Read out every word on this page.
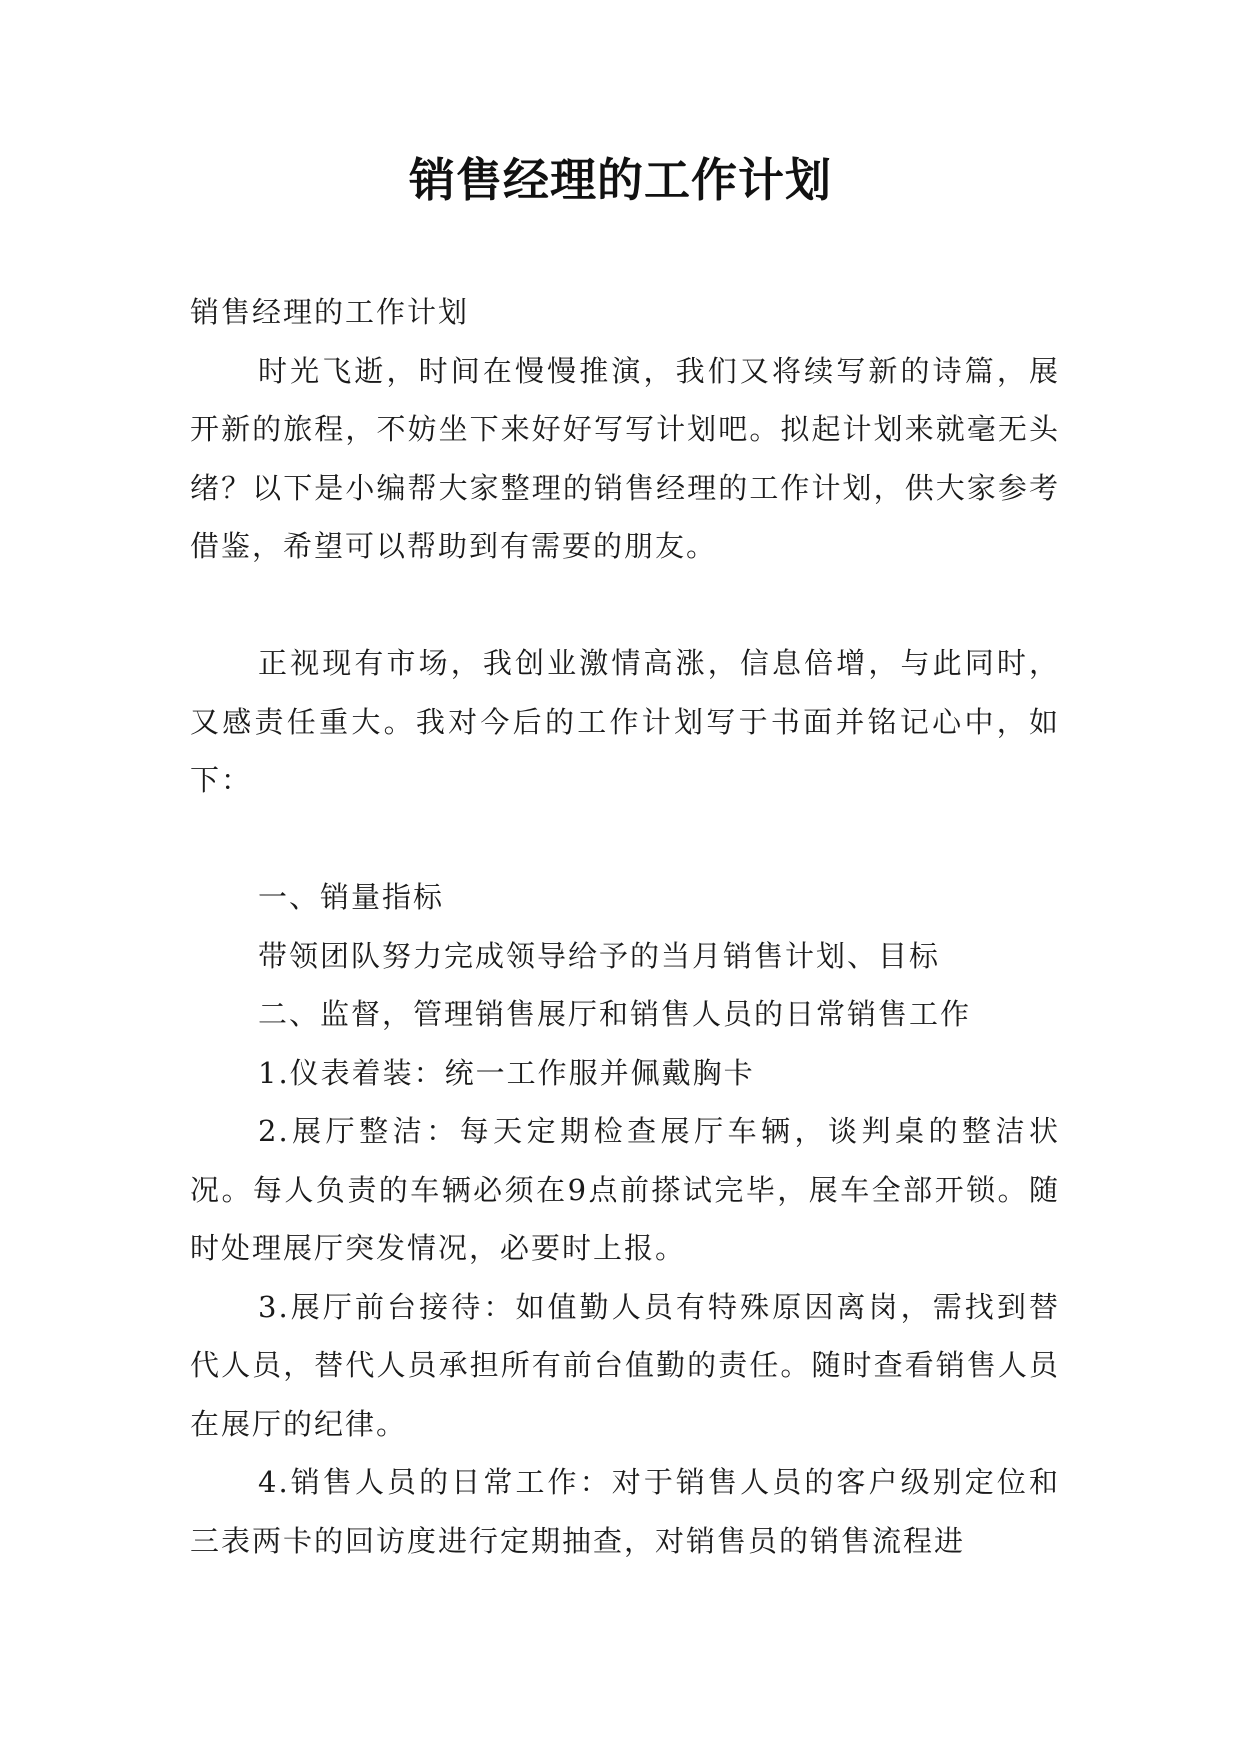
销售经理的工作计划

销售经理的工作计划

时光飞逝，时间在慢慢推演，我们又将续写新的诗篇，展开新的旅程，不妨坐下来好好写写计划吧。拟起计划来就毫无头绪？以下是小编帮大家整理的销售经理的工作计划，供大家参考借鉴，希望可以帮助到有需要的朋友。

正视现有市场，我创业激情高涨，信息倍增，与此同时，又感责任重大。我对今后的工作计划写于书面并铭记心中，如下：

一、销量指标

带领团队努力完成领导给予的当月销售计划、目标

二、监督，管理销售展厅和销售人员的日常销售工作

1.仪表着装：统一工作服并佩戴胸卡

2.展厅整洁：每天定期检查展厅车辆，谈判桌的整洁状况。每人负责的车辆必须在9点前搽试完毕，展车全部开锁。随时处理展厅突发情况，必要时上报。

3.展厅前台接待：如值勤人员有特殊原因离岗，需找到替代人员，替代人员承担所有前台值勤的责任。随时查看销售人员在展厅的纪律。

4.销售人员的日常工作：对于销售人员的客户级别定位和三表两卡的回访度进行定期抽查，对销售员的销售流程进
